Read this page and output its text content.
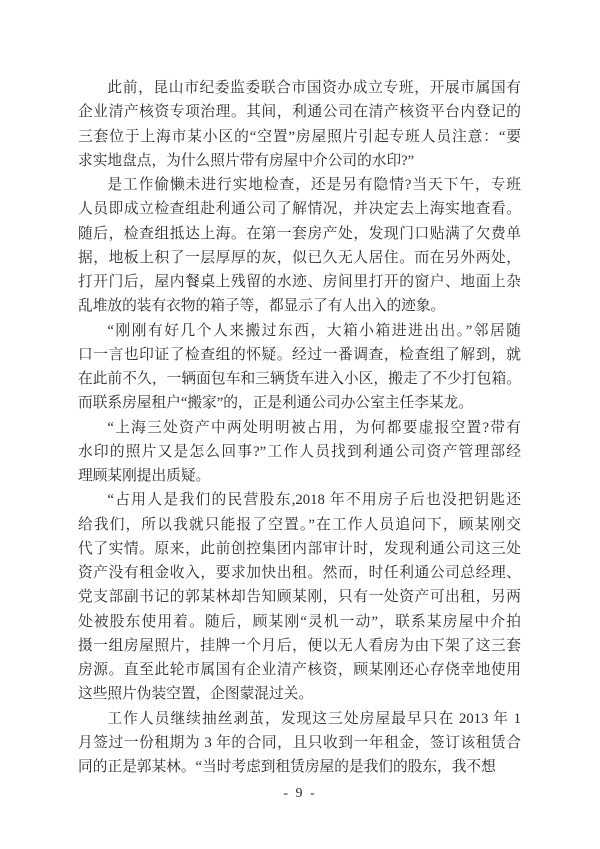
此前，昆山市纪委监委联合市国资办成立专班，开展市属国有
企业清产核资专项治理。其间，利通公司在清产核资平台内登记的
三套位于上海市某小区的“空置”房屋照片引起专班人员注意：“要
求实地盘点，为什么照片带有房屋中介公司的水印?”
是工作偷懒未进行实地检查，还是另有隐情?当天下午，专班
人员即成立检查组赴利通公司了解情况，并决定去上海实地查看。
随后，检查组抵达上海。在第一套房产处，发现门口贴满了欠费单
据，地板上积了一层厚厚的灰，似已久无人居住。而在另外两处，
打开门后，屋内餐桌上残留的水迹、房间里打开的窗户、地面上杂
乱堆放的装有衣物的箱子等，都显示了有人出入的迹象。
“刚刚有好几个人来搬过东西，大箱小箱进进出出。”邻居随
口一言也印证了检查组的怀疑。经过一番调查，检查组了解到，就
在此前不久，一辆面包车和三辆货车进入小区，搬走了不少打包箱。
而联系房屋租户“搬家”的，正是利通公司办公室主任李某龙。
“上海三处资产中两处明明被占用，为何都要虚报空置?带有
水印的照片又是怎么回事?”工作人员找到利通公司资产管理部经
理顾某刚提出质疑。
“占用人是我们的民营股东,2018 年不用房子后也没把钥匙还
给我们，所以我就只能报了空置。”在工作人员追问下，顾某刚交
代了实情。原来，此前创控集团内部审计时，发现利通公司这三处
资产没有租金收入，要求加快出租。然而，时任利通公司总经理、
党支部副书记的郭某林却告知顾某刚，只有一处资产可出租，另两
处被股东使用着。随后，顾某刚“灵机一动”，联系某房屋中介拍
摄一组房屋照片，挂牌一个月后，便以无人看房为由下架了这三套
房源。直至此轮市属国有企业清产核资，顾某刚还心存侥幸地使用
这些照片伪装空置，企图蒙混过关。
工作人员继续抽丝剥茧，发现这三处房屋最早只在 2013 年 1
月签过一份租期为 3 年的合同，且只收到一年租金，签订该租赁合
同的正是郭某林。“当时考虑到租赁房屋的是我们的股东，我不想
- 9 -
